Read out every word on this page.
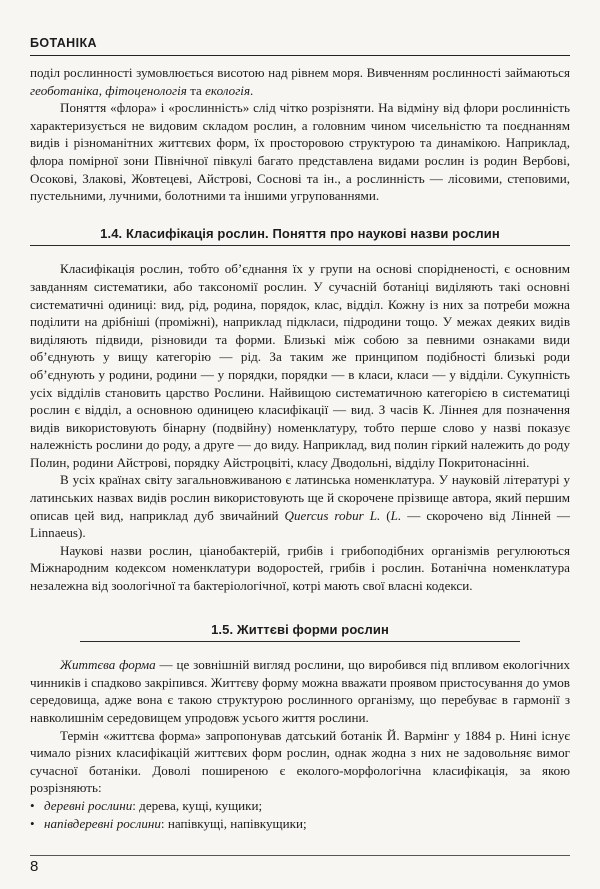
БОТАНІКА

поділ рослинності зумовлюється висотою над рівнем моря. Вивченням рослинності займаються геоботаніка, фітоценологія та екологія.

Поняття «флора» і «рослинність» слід чітко розрізняти. На відміну від флори рослинність характеризується не видовим складом рослин, а головним чином чисельністю та поєднанням видів і різноманітних життєвих форм, їх просторовою структурою та динамікою. Наприклад, флора помірної зони Північної півкулі багато представлена видами рослин із родин Вербові, Осокові, Злакові, Жовтецеві, Айстрові, Соснові та ін., а рослинність — лісовими, степовими, пустельними, лучними, болотними та іншими угрупованнями.

1.4. Класифікація рослин. Поняття про наукові назви рослин

Класифікація рослин, тобто об’єднання їх у групи на основі спорідненості, є основним завданням систематики, або таксономії рослин. У сучасній ботаніці виділяють такі основні систематичні одиниці: вид, рід, родина, порядок, клас, відділ. Кожну із них за потреби можна поділити на дрібніші (проміжні), наприклад підкласи, підродини тощо. У межах деяких видів виділяють підвиди, різновиди та форми. Близькі між собою за певними ознаками види об’єднують у вищу категорію — рід. За таким же принципом подібності близькі роди об’єднують у родини, родини — у порядки, порядки — в класи, класи — у відділи. Сукупність усіх відділів становить царство Рослини. Найвищою систематичною категорією в систематиці рослин є відділ, а основною одиницею класифікації — вид. З часів К. Ліннея для позначення видів використовують бінарну (подвійну) номенклатуру, тобто перше слово у назві показує належність рослини до роду, а друге — до виду. Наприклад, вид полин гіркий належить до роду Полин, родини Айстрові, порядку Айстроцвіті, класу Дводольні, відділу Покритонасінні.

В усіх країнах світу загальновживаною є латинська номенклатура. У науковій літературі у латинських назвах видів рослин використовують ще й скорочене прізвище автора, який першим описав цей вид, наприклад дуб звичайний Quercus robur L. (L. — скорочено від Лінней — Linnaeus).

Наукові назви рослин, ціанобактерій, грибів і грибоподібних організмів регулюються Міжнародним кодексом номенклатури водоростей, грибів і рослин. Ботанічна номенклатура незалежна від зоологічної та бактеріологічної, котрі мають свої власні кодекси.

1.5. Життєві форми рослин

Життєва форма — це зовнішній вигляд рослини, що виробився під впливом екологічних чинників і спадково закріпився. Життєву форму можна вважати проявом пристосування до умов середовища, адже вона є такою структурою рослинного організму, що перебуває в гармонії з навколишнім середовищем упродовж усього життя рослини.

Термін «життєва форма» запропонував датський ботанік Й. Вармінг у 1884 р. Нині існує чимало різних класифікацій життєвих форм рослин, однак жодна з них не задовольняє вимог сучасної ботаніки. Доволі поширеною є еколого-морфологічна класифікація, за якою розрізняють:

• деревні рослини: дерева, кущі, кущики;
• напівдеревні рослини: напівкущі, напівкущики;
8
